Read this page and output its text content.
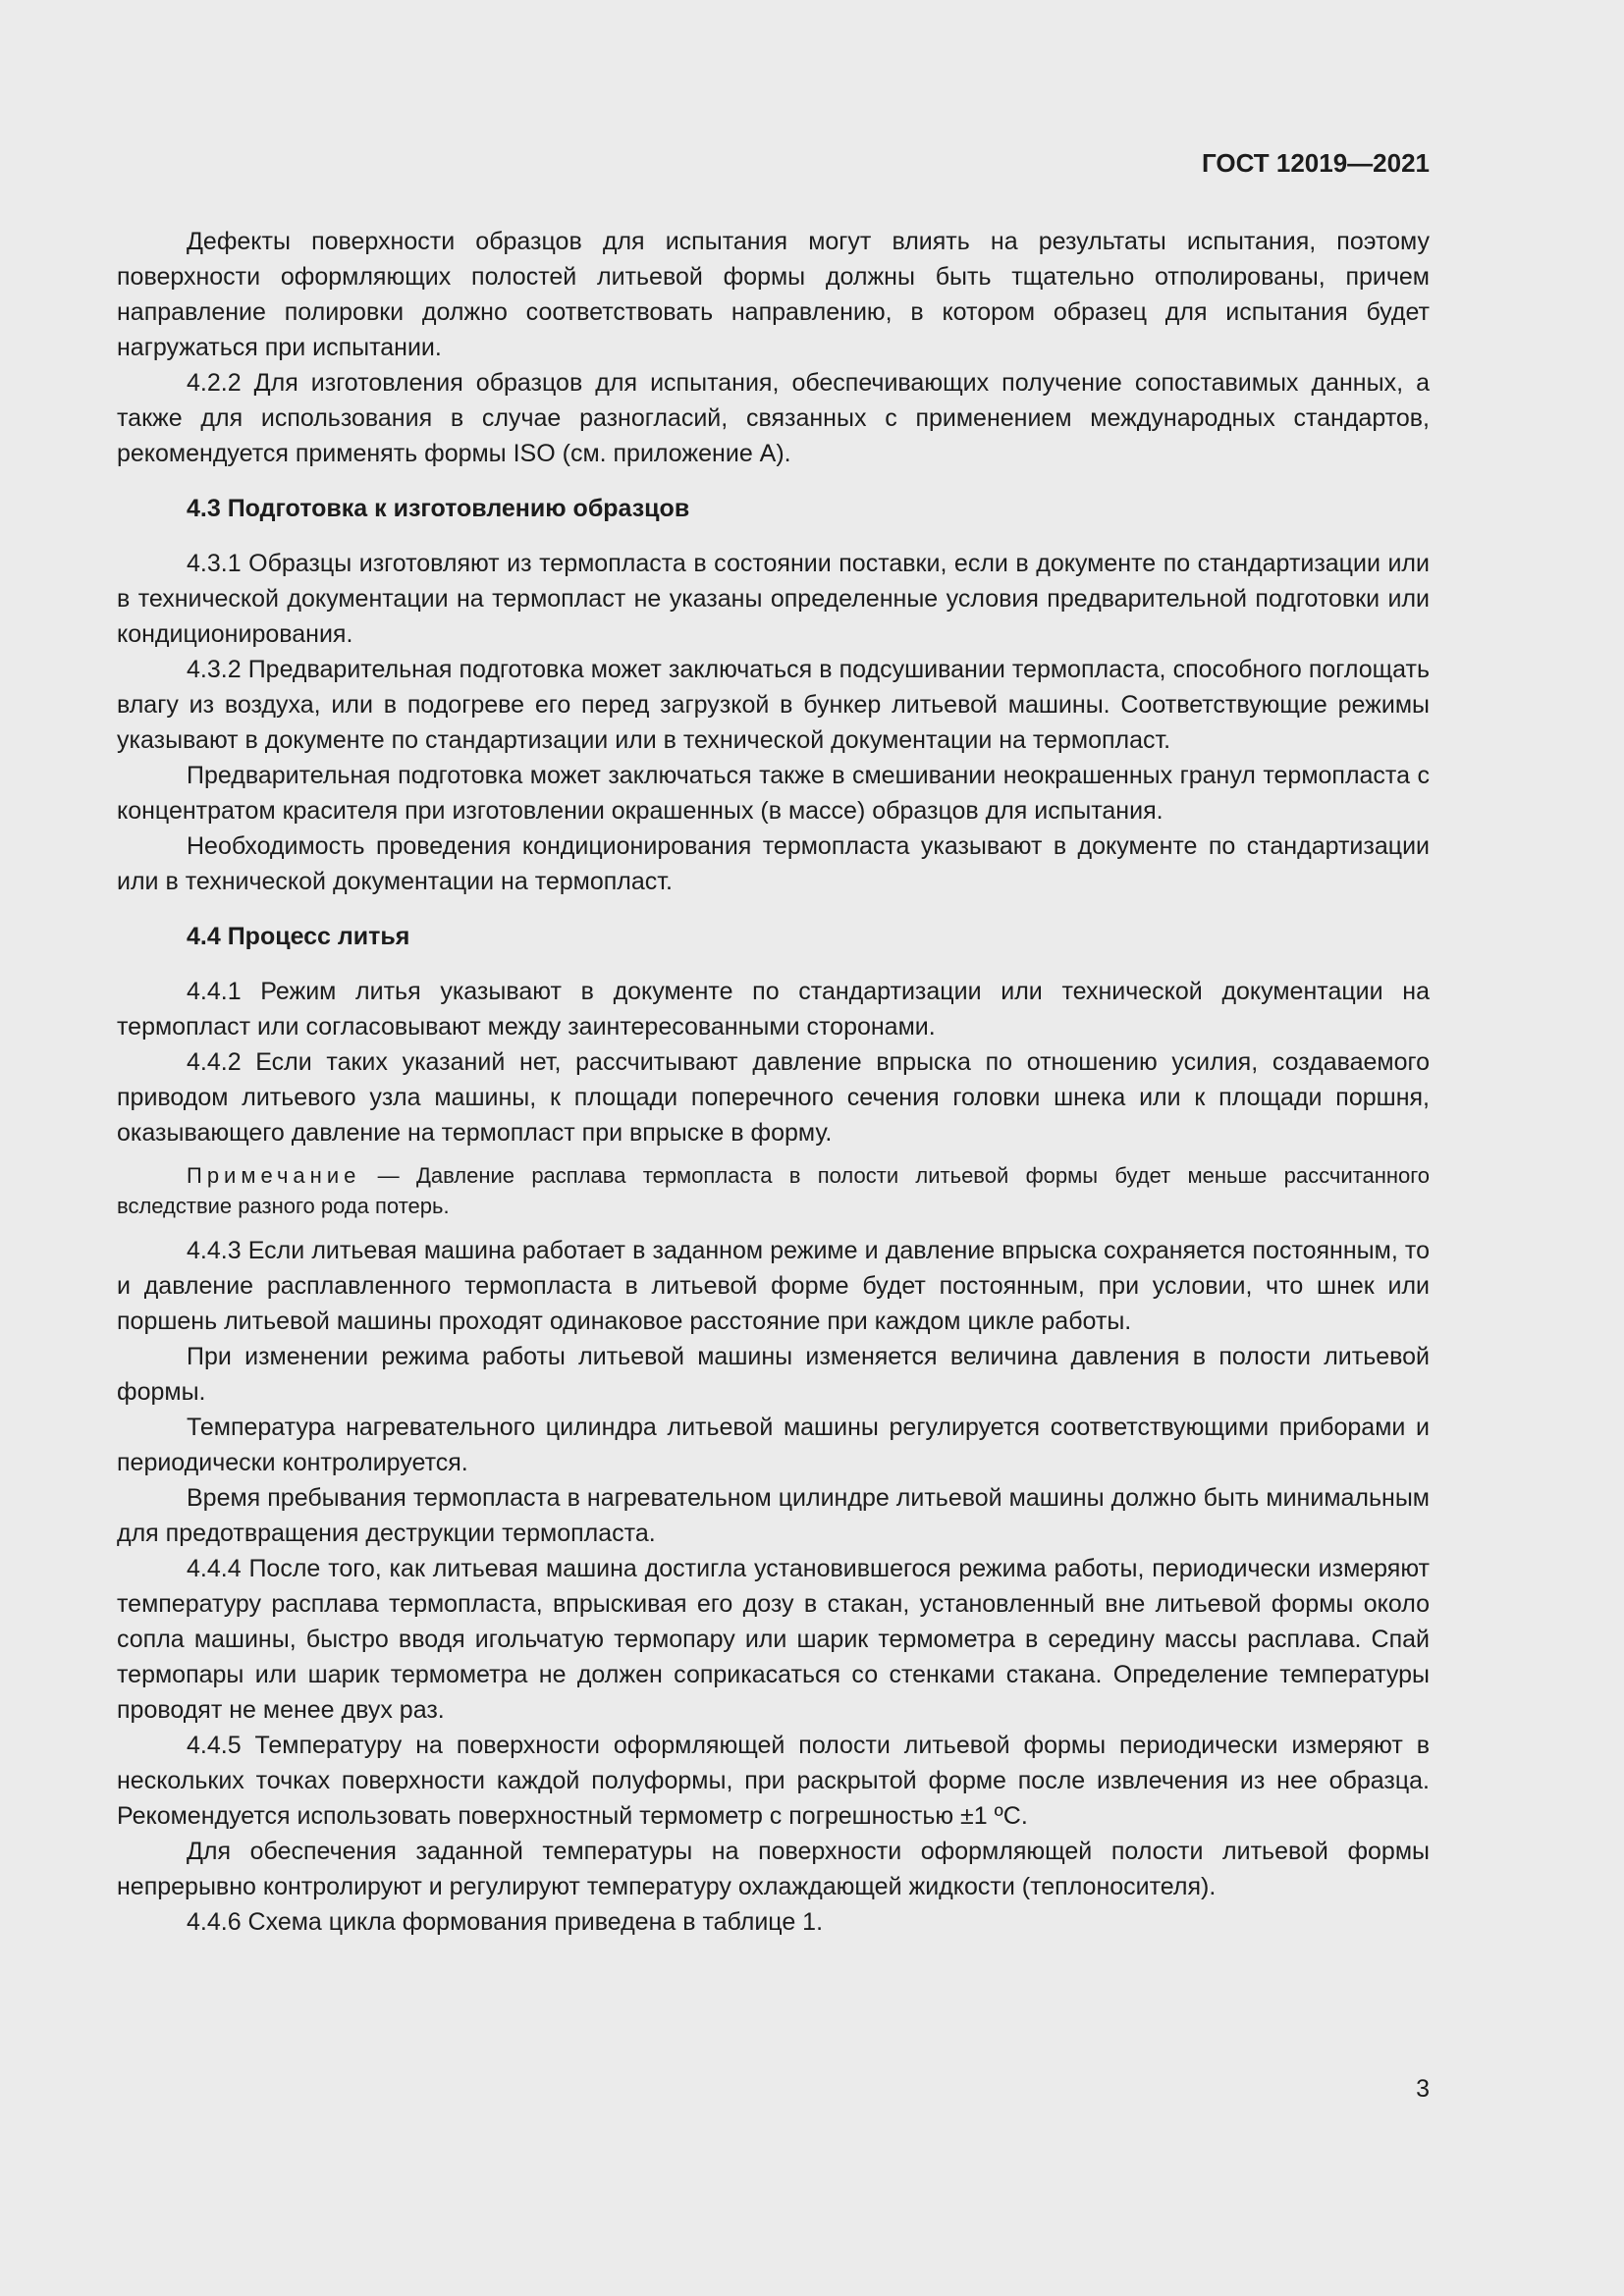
ГОСТ 12019—2021

Дефекты поверхности образцов для испытания могут влиять на результаты испытания, поэтому поверхности оформляющих полостей литьевой формы должны быть тщательно отполированы, причем направление полировки должно соответствовать направлению, в котором образец для испытания будет нагружаться при испытании.

4.2.2 Для изготовления образцов для испытания, обеспечивающих получение сопоставимых данных, а также для использования в случае разногласий, связанных с применением международных стандартов, рекомендуется применять формы ISO (см. приложение А).

4.3 Подготовка к изготовлению образцов

4.3.1 Образцы изготовляют из термопласта в состоянии поставки, если в документе по стандартизации или в технической документации на термопласт не указаны определенные условия предварительной подготовки или кондиционирования.

4.3.2 Предварительная подготовка может заключаться в подсушивании термопласта, способного поглощать влагу из воздуха, или в подогреве его перед загрузкой в бункер литьевой машины. Соответствующие режимы указывают в документе по стандартизации или в технической документации на термопласт.

Предварительная подготовка может заключаться также в смешивании неокрашенных гранул термопласта с концентратом красителя при изготовлении окрашенных (в массе) образцов для испытания.

Необходимость проведения кондиционирования термопласта указывают в документе по стандартизации или в технической документации на термопласт.

4.4 Процесс литья

4.4.1 Режим литья указывают в документе по стандартизации или технической документации на термопласт или согласовывают между заинтересованными сторонами.

4.4.2 Если таких указаний нет, рассчитывают давление впрыска по отношению усилия, создаваемого приводом литьевого узла машины, к площади поперечного сечения головки шнека или к площади поршня, оказывающего давление на термопласт при впрыске в форму.

Примечание — Давление расплава термопласта в полости литьевой формы будет меньше рассчитанного вследствие разного рода потерь.

4.4.3 Если литьевая машина работает в заданном режиме и давление впрыска сохраняется постоянным, то и давление расплавленного термопласта в литьевой форме будет постоянным, при условии, что шнек или поршень литьевой машины проходят одинаковое расстояние при каждом цикле работы.

При изменении режима работы литьевой машины изменяется величина давления в полости литьевой формы.

Температура нагревательного цилиндра литьевой машины регулируется соответствующими приборами и периодически контролируется.

Время пребывания термопласта в нагревательном цилиндре литьевой машины должно быть минимальным для предотвращения деструкции термопласта.

4.4.4 После того, как литьевая машина достигла установившегося режима работы, периодически измеряют температуру расплава термопласта, впрыскивая его дозу в стакан, установленный вне литьевой формы около сопла машины, быстро вводя игольчатую термопару или шарик термометра в середину массы расплава. Спай термопары или шарик термометра не должен соприкасаться со стенками стакана. Определение температуры проводят не менее двух раз.

4.4.5 Температуру на поверхности оформляющей полости литьевой формы периодически измеряют в нескольких точках поверхности каждой полуформы, при раскрытой форме после извлечения из нее образца. Рекомендуется использовать поверхностный термометр с погрешностью ±1 ºС.

Для обеспечения заданной температуры на поверхности оформляющей полости литьевой формы непрерывно контролируют и регулируют температуру охлаждающей жидкости (теплоносителя).

4.4.6 Схема цикла формования приведена в таблице 1.

3
